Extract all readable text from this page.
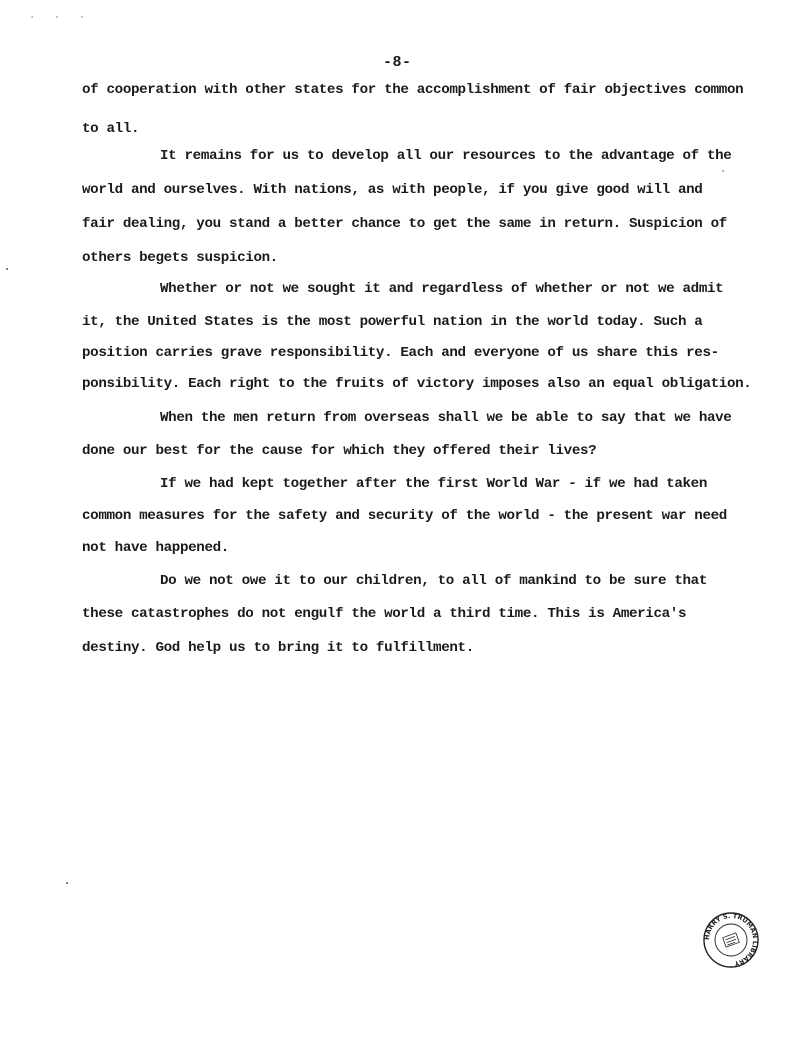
· · ·
-8-
of cooperation with other states for the accomplishment of fair objectives common
to all.
It remains for us to develop all our resources to the advantage of the
world and ourselves. With nations, as with people, if you give good will and
fair dealing, you stand a better chance to get the same in return. Suspicion of
others begets suspicion.
Whether or not we sought it and regardless of whether or not we admit
it, the United States is the most powerful nation in the world today. Such a
position carries grave responsibility. Each and everyone of us share this res-
ponsibility. Each right to the fruits of victory imposes also an equal obligation.
When the men return from overseas shall we be able to say that we have
done our best for the cause for which they offered their lives?
If we had kept together after the first World War - if we had taken
common measures for the safety and security of the world - the present war need
not have happened.
Do we not owe it to our children, to all of mankind to be sure that
these catastrophes do not engulf the world a third time. This is America's
destiny. God help us to bring it to fulfillment.
HARRY S. TRUMAN LIBRARY
